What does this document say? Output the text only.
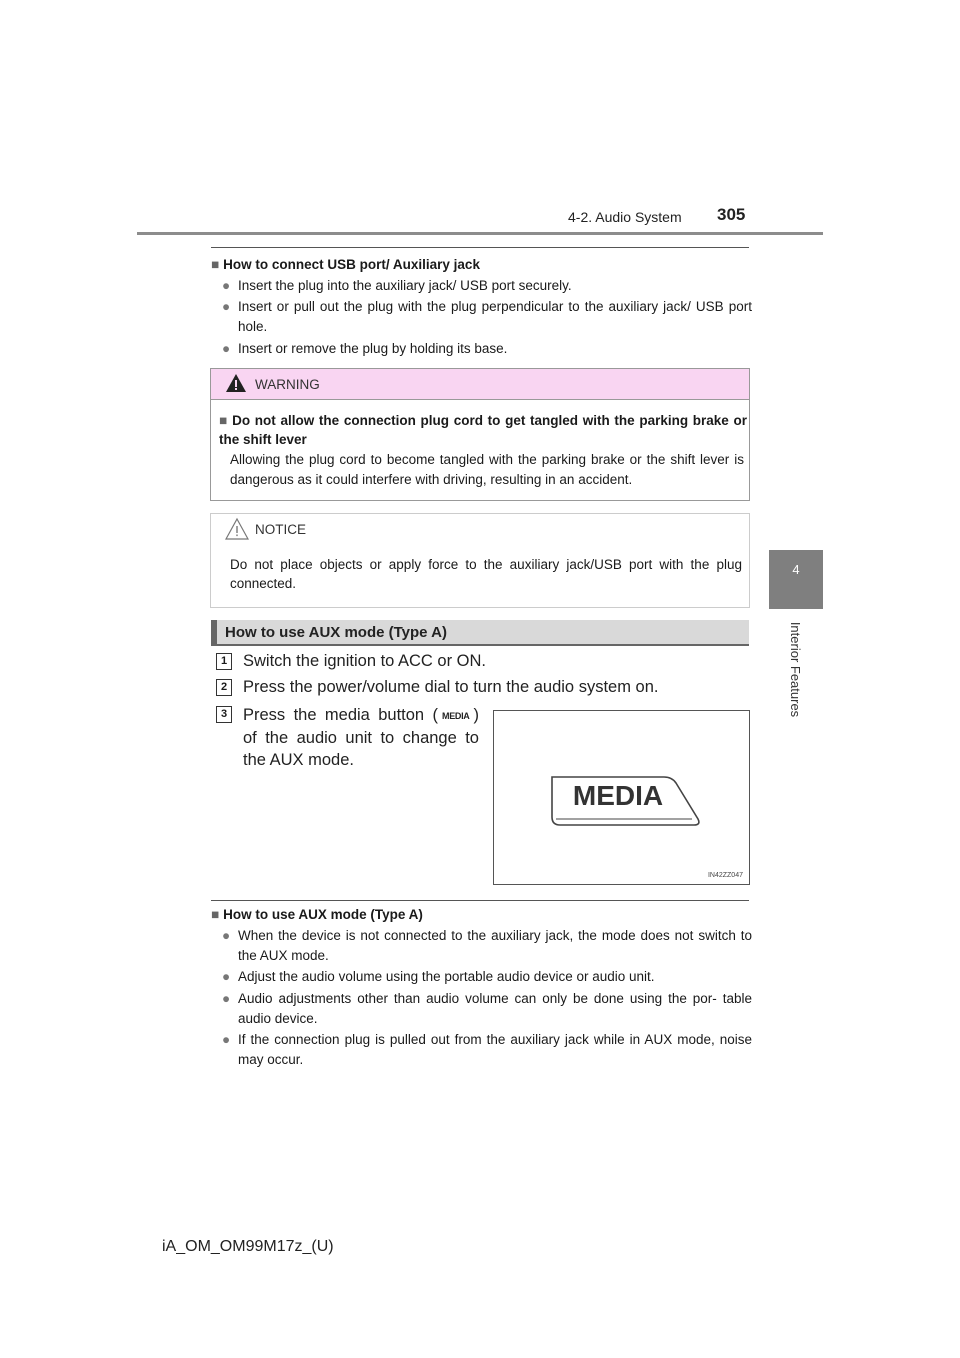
4-2. Audio System 305
4
Interior Features
■ How to connect USB port/ Auxiliary jack
● Insert the plug into the auxiliary jack/ USB port securely.
● Insert or pull out the plug with the plug perpendicular to the auxiliary jack/ USB port hole.
● Insert or remove the plug by holding its base.
WARNING
■ Do not allow the connection plug cord to get tangled with the parking brake or the shift lever
Allowing the plug cord to become tangled with the parking brake or the shift lever is dangerous as it could interfere with driving, resulting in an accident.
NOTICE
Do not place objects or apply force to the auxiliary jack/USB port with the plug connected.
How to use AUX mode (Type A)
1 Switch the ignition to ACC or ON.
2 Press the power/volume dial to turn the audio system on.
3 Press the media button ( MEDIA ) of the audio unit to change to the AUX mode.
MEDIA
IN42ZZ047
■ How to use AUX mode (Type A)
● When the device is not connected to the auxiliary jack, the mode does not switch to the AUX mode.
● Adjust the audio volume using the portable audio device or audio unit.
● Audio adjustments other than audio volume can only be done using the por- table audio device.
● If the connection plug is pulled out from the auxiliary jack while in AUX mode, noise may occur.
iA_OM_OM99M17z_(U)
